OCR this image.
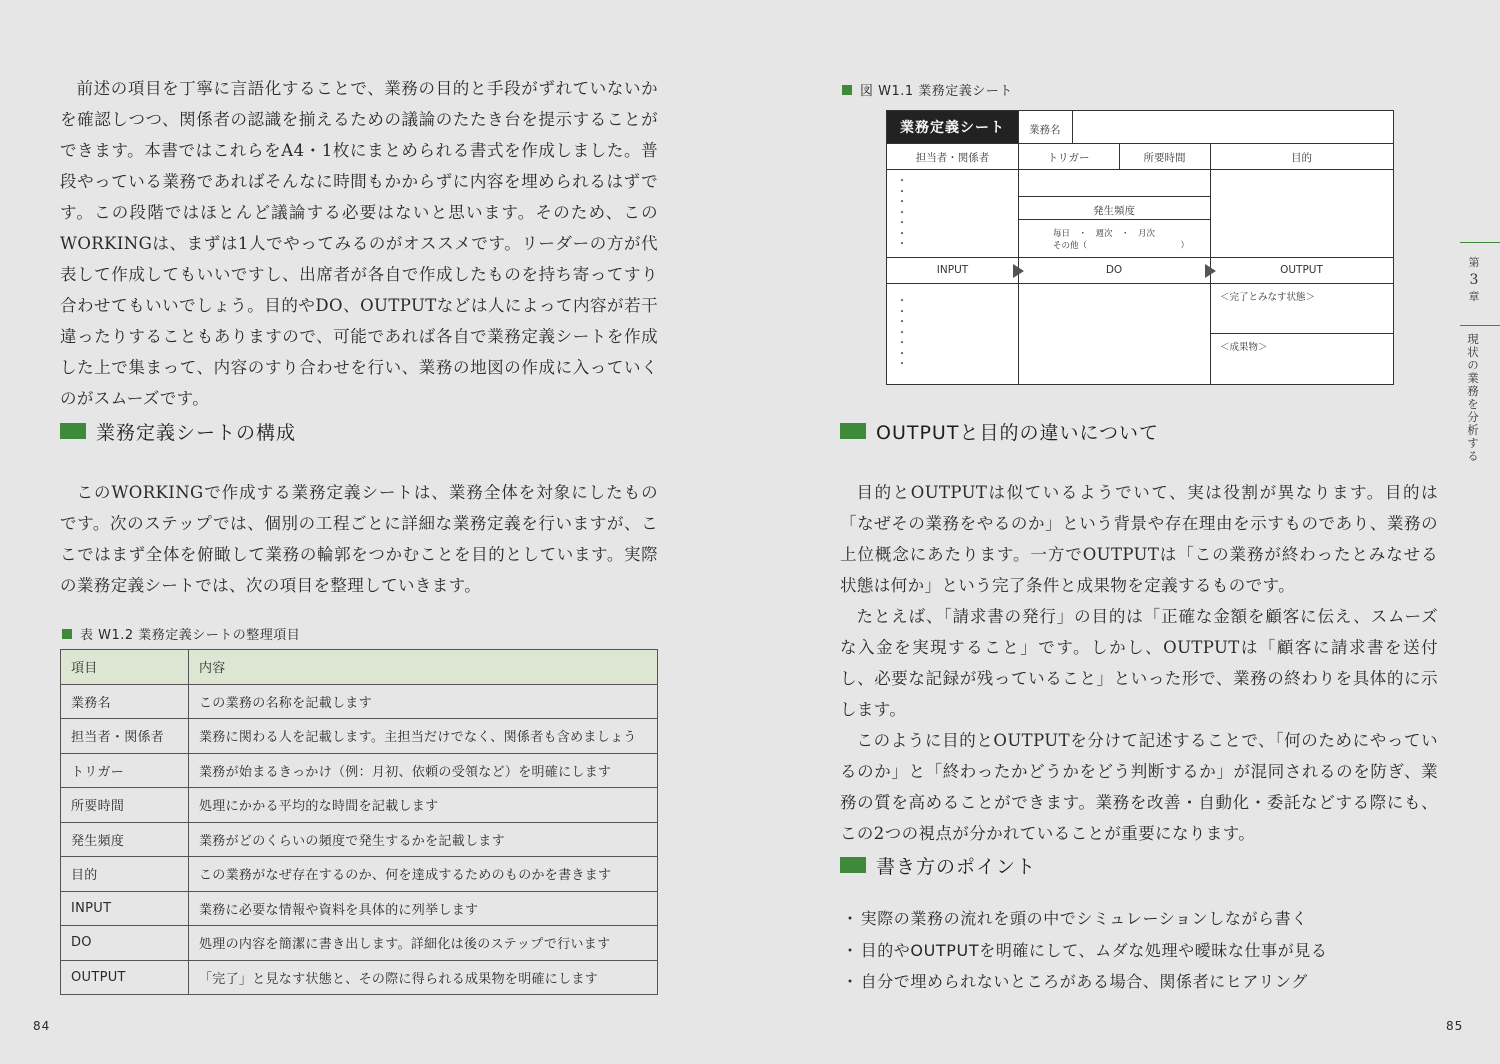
前述の項目を丁寧に言語化することで、業務の目的と手段がずれていないかを確認しつつ、関係者の認識を揃えるための議論のたたき台を提示することができます。本書ではこれらをA4・1枚にまとめられる書式を作成しました。普段やっている業務であればそんなに時間もかからずに内容を埋められるはずです。この段階ではほとんど議論する必要はないと思います。そのため、このWORKINGは、まずは1人でやってみるのがオススメです。リーダーの方が代表して作成してもいいですし、出席者が各自で作成したものを持ち寄ってすり合わせてもいいでしょう。目的やDO、OUTPUTなどは人によって内容が若干違ったりすることもありますので、可能であれば各自で業務定義シートを作成した上で集まって、内容のすり合わせを行い、業務の地図の作成に入っていくのがスムーズです。

業務定義シートの構成

このWORKINGで作成する業務定義シートは、業務全体を対象にしたものです。次のステップでは、個別の工程ごとに詳細な業務定義を行いますが、ここではまず全体を俯瞰して業務の輪郭をつかむことを目的としています。実際の業務定義シートでは、次の項目を整理していきます。

表 W1.2 業務定義シートの整理項目
項目	内容
業務名	この業務の名称を記載します
担当者・関係者	業務に関わる人を記載します。主担当だけでなく、関係者も含めましょう
トリガー	業務が始まるきっかけ（例：月初、依頼の受領など）を明確にします
所要時間	処理にかかる平均的な時間を記載します
発生頻度	業務がどのくらいの頻度で発生するかを記載します
目的	この業務がなぜ存在するのか、何を達成するためのものかを書きます
INPUT	業務に必要な情報や資料を具体的に列挙します
DO	処理の内容を簡潔に書き出します。詳細化は後のステップで行います
OUTPUT	「完了」と見なす状態と、その際に得られる成果物を明確にします
84
図 W1.1 業務定義シート
業務定義シート	業務名
担当者・関係者	トリガー	所要時間	目的
・
・
・
・
・
・
・
発生頻度
毎日　・　週次　・　月次
その他（　　　　　　　　　　　）
INPUT	DO	OUTPUT
・
・
・
・
・
・
・
＜完了とみなす状態＞
＜成果物＞
OUTPUTと目的の違いについて

目的とOUTPUTは似ているようでいて、実は役割が異なります。目的は「なぜその業務をやるのか」という背景や存在理由を示すものであり、業務の上位概念にあたります。一方でOUTPUTは「この業務が終わったとみなせる状態は何か」という完了条件と成果物を定義するものです。

たとえば、「請求書の発行」の目的は「正確な金額を顧客に伝え、スムーズな入金を実現すること」です。しかし、OUTPUTは「顧客に請求書を送付し、必要な記録が残っていること」といった形で、業務の終わりを具体的に示します。

このように目的とOUTPUTを分けて記述することで、「何のためにやっているのか」と「終わったかどうかをどう判断するか」が混同されるのを防ぎ、業務の質を高めることができます。業務を改善・自動化・委託などする際にも、この2つの視点が分かれていることが重要になります。

書き方のポイント
・ 実際の業務の流れを頭の中でシミュレーションしながら書く
・ 目的やOUTPUTを明確にして、ムダな処理や曖昧な仕事が見る
・ 自分で埋められないところがある場合、関係者にヒアリング
85
第
3
章
現状の業務を分析する
